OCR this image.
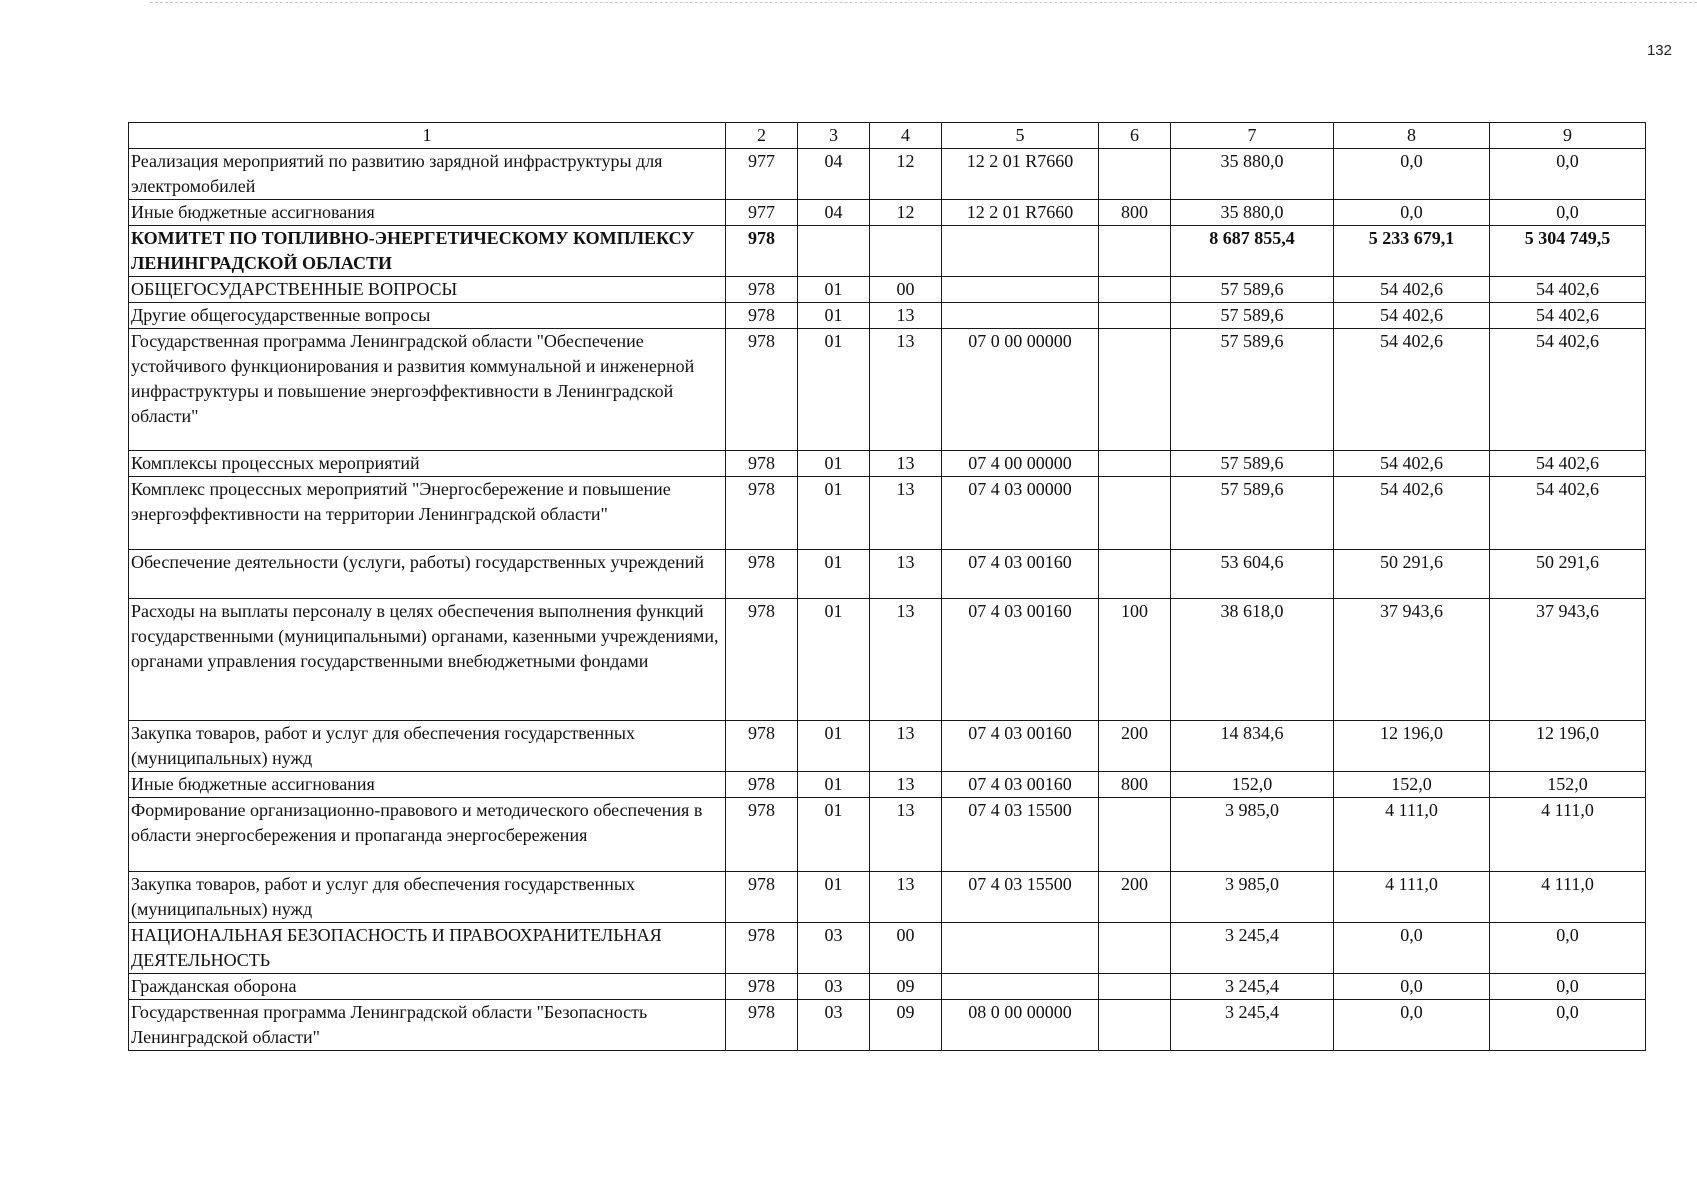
132
1	2	3	4	5	6	7	8	9
Реализация мероприятий по развитию зарядной инфраструктуры для электромобилей	977	04	12	12 2 01 R7660		35 880,0	0,0	0,0
Иные бюджетные ассигнования	977	04	12	12 2 01 R7660	800	35 880,0	0,0	0,0
КОМИТЕТ ПО ТОПЛИВНО-ЭНЕРГЕТИЧЕСКОМУ КОМПЛЕКСУ ЛЕНИНГРАДСКОЙ ОБЛАСТИ	978					8 687 855,4	5 233 679,1	5 304 749,5
ОБЩЕГОСУДАРСТВЕННЫЕ ВОПРОСЫ	978	01	00			57 589,6	54 402,6	54 402,6
Другие общегосударственные вопросы	978	01	13			57 589,6	54 402,6	54 402,6
Государственная программа Ленинградской области "Обеспечение устойчивого функционирования и развития коммунальной и инженерной инфраструктуры и повышение энергоэффективности в Ленинградской области"	978	01	13	07 0 00 00000		57 589,6	54 402,6	54 402,6
Комплексы процессных мероприятий	978	01	13	07 4 00 00000		57 589,6	54 402,6	54 402,6
Комплекс процессных мероприятий "Энергосбережение и повышение энергоэффективности на территории Ленинградской области"	978	01	13	07 4 03 00000		57 589,6	54 402,6	54 402,6
Обеспечение деятельности (услуги, работы) государственных учреждений	978	01	13	07 4 03 00160		53 604,6	50 291,6	50 291,6
Расходы на выплаты персоналу в целях обеспечения выполнения функций государственными (муниципальными) органами, казенными учреждениями, органами управления государственными внебюджетными фондами	978	01	13	07 4 03 00160	100	38 618,0	37 943,6	37 943,6
Закупка товаров, работ и услуг для обеспечения государственных (муниципальных) нужд	978	01	13	07 4 03 00160	200	14 834,6	12 196,0	12 196,0
Иные бюджетные ассигнования	978	01	13	07 4 03 00160	800	152,0	152,0	152,0
Формирование организационно-правового и методического обеспечения в области энергосбережения и пропаганда энергосбережения	978	01	13	07 4 03 15500		3 985,0	4 111,0	4 111,0
Закупка товаров, работ и услуг для обеспечения государственных (муниципальных) нужд	978	01	13	07 4 03 15500	200	3 985,0	4 111,0	4 111,0
НАЦИОНАЛЬНАЯ БЕЗОПАСНОСТЬ И ПРАВООХРАНИТЕЛЬНАЯ ДЕЯТЕЛЬНОСТЬ	978	03	00			3 245,4	0,0	0,0
Гражданская оборона	978	03	09			3 245,4	0,0	0,0
Государственная программа Ленинградской области "Безопасность Ленинградской области"	978	03	09	08 0 00 00000		3 245,4	0,0	0,0
